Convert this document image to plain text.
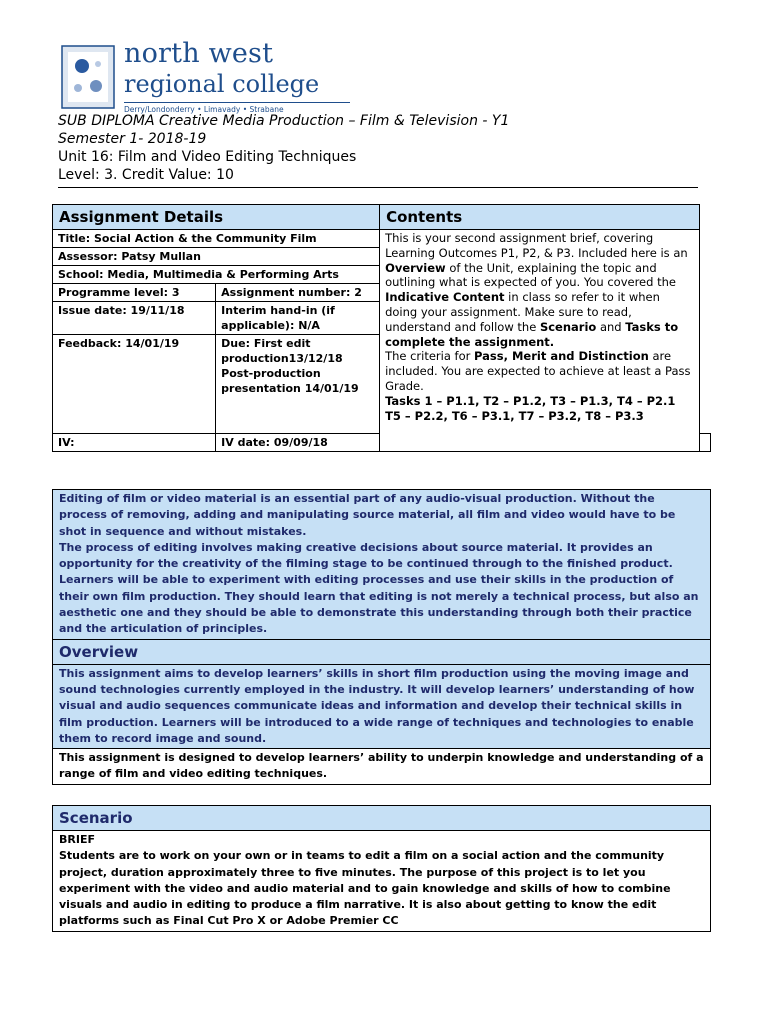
north west
regional college
Derry/Londonderry • Limavady • Strabane
SUB DIPLOMA Creative Media Production – Film & Television - Y1
Semester 1- 2018-19
Unit 16: Film and Video Editing Techniques
Level: 3. Credit Value: 10
Assignment Details		Contents	
Title: Social Action & the Community Film		This is your second assignment brief, covering Learning Outcomes P1, P2, & P3. Included here is an Overview of the Unit, explaining the topic and outlining what is expected of you. You covered the Indicative Content in class so refer to it when doing your assignment. Make sure to read, understand and follow the Scenario and Tasks to complete the assignment.
The criteria for Pass, Merit and Distinction are included. You are expected to achieve at least a Pass Grade.
Tasks 1 – P1.1, T2 – P1.2, T3 – P1.3, T4 – P2.1
T5 – P2.2, T6 – P3.1, T7 – P3.2, T8 – P3.3	
Assessor: Patsy Mullan			
School: Media, Multimedia & Performing Arts			
Programme level: 3	Assignment number: 2		
Issue date: 19/11/18	Interim hand-in (if applicable): N/A		
Feedback: 14/01/19	Due: First edit production13/12/18 Post-production presentation 14/01/19		
IV:	IV date: 09/09/18		
Editing of film or video material is an essential part of any audio-visual production. Without the process of removing, adding and manipulating source material, all film and video would have to be shot in sequence and without mistakes.
The process of editing involves making creative decisions about source material. It provides an opportunity for the creativity of the filming stage to be continued through to the finished product.
Learners will be able to experiment with editing processes and use their skills in the production of their own film production. They should learn that editing is not merely a technical process, but also an aesthetic one and they should be able to demonstrate this understanding through both their practice and the articulation of principles.

Overview
This assignment aims to develop learners’ skills in short film production using the moving image and sound technologies currently employed in the industry. It will develop learners’ understanding of how visual and audio sequences communicate ideas and information and develop their technical skills in film production. Learners will be introduced to a wide range of techniques and technologies to enable them to record image and sound.
This assignment is designed to develop learners’ ability to underpin knowledge and understanding of a range of film and video editing techniques.
Scenario

BRIEF
Students are to work on your own or in teams to edit a film on a social action and the community project, duration approximately three to five minutes. The purpose of this project is to let you experiment with the video and audio material and to gain knowledge and skills of how to combine visuals and audio in editing to produce a film narrative. It is also about getting to know the edit platforms such as Final Cut Pro X or Adobe Premier CC
